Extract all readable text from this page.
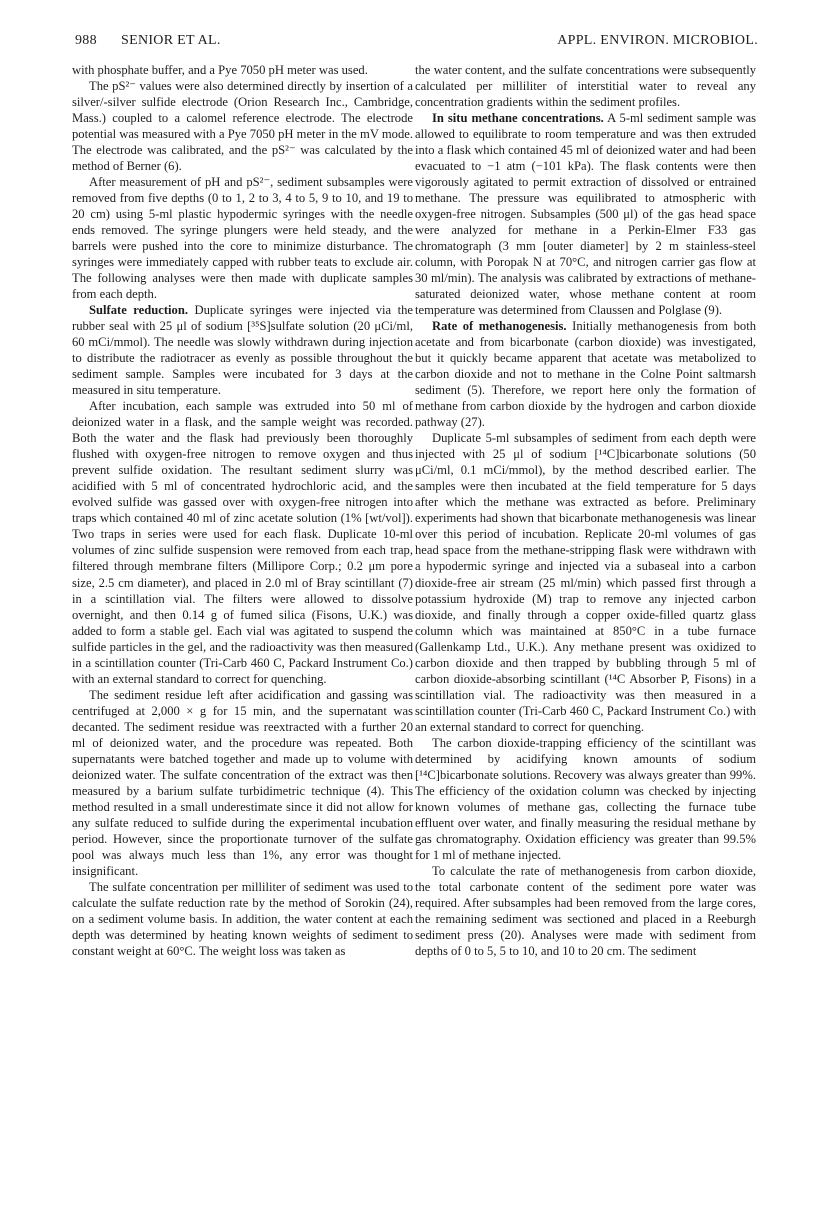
988 SENIOR ET AL.	APPL. ENVIRON. MICROBIOL.

with phosphate buffer, and a Pye 7050 pH meter was used.

The pS²⁻ values were also determined directly by insertion of a silver/-silver sulfide electrode (Orion Research Inc., Cambridge, Mass.) coupled to a calomel reference electrode. The electrode potential was measured with a Pye 7050 pH meter in the mV mode. The electrode was calibrated, and the pS²⁻ was calculated by the method of Berner (6).

After measurement of pH and pS²⁻, sediment subsamples were removed from five depths (0 to 1, 2 to 3, 4 to 5, 9 to 10, and 19 to 20 cm) using 5-ml plastic hypodermic syringes with the needle ends removed. The syringe plungers were held steady, and the barrels were pushed into the core to minimize disturbance. The syringes were immediately capped with rubber teats to exclude air. The following analyses were then made with duplicate samples from each depth.

Sulfate reduction. Duplicate syringes were injected via the rubber seal with 25 μl of sodium [³⁵S]sulfate solution (20 μCi/ml, 60 mCi/mmol). The needle was slowly withdrawn during injection to distribute the radiotracer as evenly as possible throughout the sediment sample. Samples were incubated for 3 days at the measured in situ temperature.

After incubation, each sample was extruded into 50 ml of deionized water in a flask, and the sample weight was recorded. Both the water and the flask had previously been thoroughly flushed with oxygen-free nitrogen to remove oxygen and thus prevent sulfide oxidation. The resultant sediment slurry was acidified with 5 ml of concentrated hydrochloric acid, and the evolved sulfide was gassed over with oxygen-free nitrogen into traps which contained 40 ml of zinc acetate solution (1% [wt/vol]). Two traps in series were used for each flask. Duplicate 10-ml volumes of zinc sulfide suspension were removed from each trap, filtered through membrane filters (Millipore Corp.; 0.2 μm pore size, 2.5 cm diameter), and placed in 2.0 ml of Bray scintillant (7) in a scintillation vial. The filters were allowed to dissolve overnight, and then 0.14 g of fumed silica (Fisons, U.K.) was added to form a stable gel. Each vial was agitated to suspend the sulfide particles in the gel, and the radioactivity was then measured in a scintillation counter (Tri-Carb 460 C, Packard Instrument Co.) with an external standard to correct for quenching.

The sediment residue left after acidification and gassing was centrifuged at 2,000 × g for 15 min, and the supernatant was decanted. The sediment residue was reextracted with a further 20 ml of deionized water, and the procedure was repeated. Both supernatants were batched together and made up to volume with deionized water. The sulfate concentration of the extract was then measured by a barium sulfate turbidimetric technique (4). This method resulted in a small underestimate since it did not allow for any sulfate reduced to sulfide during the experimental incubation period. However, since the proportionate turnover of the sulfate pool was always much less than 1%, any error was thought insignificant.

The sulfate concentration per milliliter of sediment was used to calculate the sulfate reduction rate by the method of Sorokin (24), on a sediment volume basis. In addition, the water content at each depth was determined by heating known weights of sediment to constant weight at 60°C. The weight loss was taken as

the water content, and the sulfate concentrations were subsequently calculated per milliliter of interstitial water to reveal any concentration gradients within the sediment profiles.

In situ methane concentrations. A 5-ml sediment sample was allowed to equilibrate to room temperature and was then extruded into a flask which contained 45 ml of deionized water and had been evacuated to −1 atm (−101 kPa). The flask contents were then vigorously agitated to permit extraction of dissolved or entrained methane. The pressure was equilibrated to atmospheric with oxygen-free nitrogen. Subsamples (500 μl) of the gas head space were analyzed for methane in a Perkin-Elmer F33 gas chromatograph (3 mm [outer diameter] by 2 m stainless-steel column, with Poropak N at 70°C, and nitrogen carrier gas flow at 30 ml/min). The analysis was calibrated by extractions of methane-saturated deionized water, whose methane content at room temperature was determined from Claussen and Polglase (9).

Rate of methanogenesis. Initially methanogenesis from both acetate and from bicarbonate (carbon dioxide) was investigated, but it quickly became apparent that acetate was metabolized to carbon dioxide and not to methane in the Colne Point saltmarsh sediment (5). Therefore, we report here only the formation of methane from carbon dioxide by the hydrogen and carbon dioxide pathway (27).

Duplicate 5-ml subsamples of sediment from each depth were injected with 25 μl of sodium [¹⁴C]bicarbonate solutions (50 μCi/ml, 0.1 mCi/mmol), by the method described earlier. The samples were then incubated at the field temperature for 5 days after which the methane was extracted as before. Preliminary experiments had shown that bicarbonate methanogenesis was linear over this period of incubation. Replicate 20-ml volumes of gas head space from the methane-stripping flask were withdrawn with a hypodermic syringe and injected via a subaseal into a carbon dioxide-free air stream (25 ml/min) which passed first through a potassium hydroxide (M) trap to remove any injected carbon dioxide, and finally through a copper oxide-filled quartz glass column which was maintained at 850°C in a tube furnace (Gallenkamp Ltd., U.K.). Any methane present was oxidized to carbon dioxide and then trapped by bubbling through 5 ml of carbon dioxide-absorbing scintillant (¹⁴C Absorber P, Fisons) in a scintillation vial. The radioactivity was then measured in a scintillation counter (Tri-Carb 460 C, Packard Instrument Co.) with an external standard to correct for quenching.

The carbon dioxide-trapping efficiency of the scintillant was determined by acidifying known amounts of sodium [¹⁴C]bicarbonate solutions. Recovery was always greater than 99%. The efficiency of the oxidation column was checked by injecting known volumes of methane gas, collecting the furnace tube effluent over water, and finally measuring the residual methane by gas chromatography. Oxidation efficiency was greater than 99.5% for 1 ml of methane injected.

To calculate the rate of methanogenesis from carbon dioxide, the total carbonate content of the sediment pore water was required. After subsamples had been removed from the large cores, the remaining sediment was sectioned and placed in a Reeburgh sediment press (20). Analyses were made with sediment from depths of 0 to 5, 5 to 10, and 10 to 20 cm. The sediment
